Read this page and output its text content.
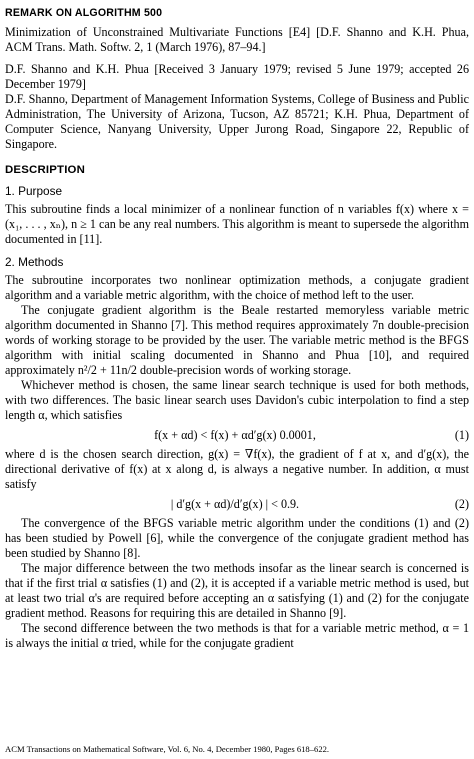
REMARK ON ALGORITHM 500

Minimization of Unconstrained Multivariate Functions [E4] [D.F. Shanno and K.H. Phua, ACM Trans. Math. Softw. 2, 1 (March 1976), 87–94.]

D.F. Shanno and K.H. Phua [Received 3 January 1979; revised 5 June 1979; accepted 26 December 1979]

D.F. Shanno, Department of Management Information Systems, College of Business and Public Administration, The University of Arizona, Tucson, AZ 85721; K.H. Phua, Department of Computer Science, Nanyang University, Upper Jurong Road, Singapore 22, Republic of Singapore.

DESCRIPTION
1. Purpose

This subroutine finds a local minimizer of a nonlinear function of n variables f(x) where x = (x₁, . . . , xₙ), n ≥ 1 can be any real numbers. This algorithm is meant to supersede the algorithm documented in [11].

2. Methods

The subroutine incorporates two nonlinear optimization methods, a conjugate gradient algorithm and a variable metric algorithm, with the choice of method left to the user.

The conjugate gradient algorithm is the Beale restarted memoryless variable metric algorithm documented in Shanno [7]. This method requires approximately 7n double-precision words of working storage to be provided by the user. The variable metric method is the BFGS algorithm with initial scaling documented in Shanno and Phua [10], and required approximately n²/2 + 11n/2 double-precision words of working storage.

Whichever method is chosen, the same linear search technique is used for both methods, with two differences. The basic linear search uses Davidon's cubic interpolation to find a step length α, which satisfies

f(x + αd) < f(x) + αd′g(x) 0.0001,	(1)

where d is the chosen search direction, g(x) = ∇f(x), the gradient of f at x, and d′g(x), the directional derivative of f(x) at x along d, is always a negative number. In addition, α must satisfy

| d′g(x + αd)/d′g(x) | < 0.9.	(2)

The convergence of the BFGS variable metric algorithm under the conditions (1) and (2) has been studied by Powell [6], while the convergence of the conjugate gradient method has been studied by Shanno [8].

The major difference between the two methods insofar as the linear search is concerned is that if the first trial α satisfies (1) and (2), it is accepted if a variable metric method is used, but at least two trial α's are required before accepting an α satisfying (1) and (2) for the conjugate gradient method. Reasons for requiring this are detailed in Shanno [9].

The second difference between the two methods is that for a variable metric method, α = 1 is always the initial α tried, while for the conjugate gradient

ACM Transactions on Mathematical Software, Vol. 6, No. 4, December 1980, Pages 618–622.
